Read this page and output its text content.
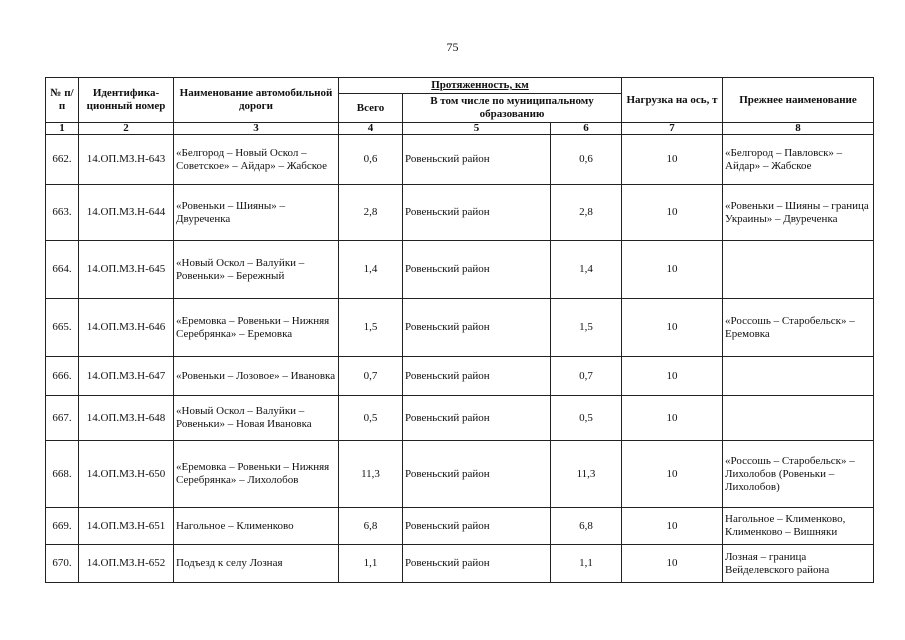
75
№ п/п	Идентифика-ционный номер	Наименование автомобильной дороги	Протяженность, км			Нагрузка на ось, т	Прежнее наименование
			Всего	В том числе по муниципальному образованию			
1	2	3	4	5	6	7	8
662.	14.ОП.МЗ.Н-643	«Белгород – Новый Оскол – Советское» – Айдар» – Жабское	0,6	Ровеньский район	0,6	10	«Белгород – Павловск» – Айдар» – Жабское
663.	14.ОП.МЗ.Н-644	«Ровеньки – Шияны» – Двуреченка	2,8	Ровеньский район	2,8	10	«Ровеньки – Шияны – граница Украины» – Двуреченка
664.	14.ОП.МЗ.Н-645	«Новый Оскол – Валуйки – Ровеньки» – Бережный	1,4	Ровеньский район	1,4	10	
665.	14.ОП.МЗ.Н-646	«Еремовка – Ровеньки – Нижняя Серебрянка» – Еремовка	1,5	Ровеньский район	1,5	10	«Россошь – Старобельск» – Еремовка
666.	14.ОП.МЗ.Н-647	«Ровеньки – Лозовое» – Ивановка	0,7	Ровеньский район	0,7	10	
667.	14.ОП.МЗ.Н-648	«Новый Оскол – Валуйки – Ровеньки» – Новая Ивановка	0,5	Ровеньский район	0,5	10	
668.	14.ОП.МЗ.Н-650	«Еремовка – Ровеньки – Нижняя Серебрянка» – Лихолобов	11,3	Ровеньский район	11,3	10	«Россошь – Старобельск» – Лихолобов (Ровеньки – Лихолобов)
669.	14.ОП.МЗ.Н-651	Нагольное – Клименково	6,8	Ровеньский район	6,8	10	Нагольное – Клименково, Клименково – Вишняки
670.	14.ОП.МЗ.Н-652	Подъезд к селу Лозная	1,1	Ровеньский район	1,1	10	Лозная – граница Вейделевского района
